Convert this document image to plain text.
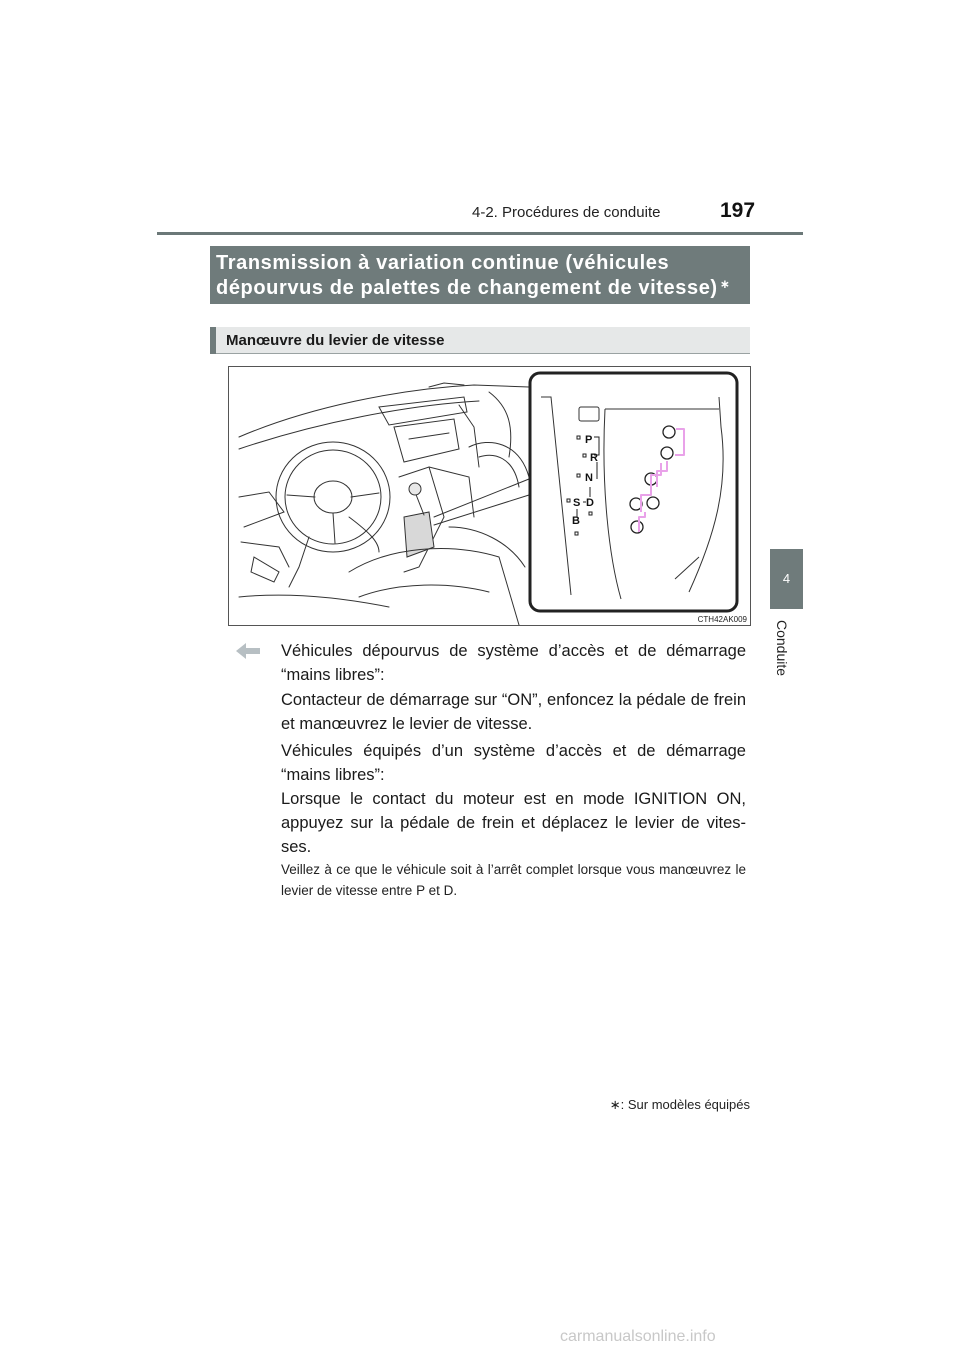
4-2. Procédures de conduite	197
4
Conduite
Transmission à variation continue (véhicules
dépourvus de palettes de changement de vitesse) ∗
Manœuvre du levier de vitesse
P
R
N
S D
B
CTH42AK009
Véhicules dépourvus de système d’accès et de démarrage “mains libres”:
Contacteur de démarrage sur “ON”, enfoncez la pédale de frein et manœuvrez le levier de vitesse.
Véhicules équipés d’un système d’accès et de démarrage “mains libres”:
Lorsque le contact du moteur est en mode IGNITION ON, appuyez sur la pédale de frein et déplacez le levier de vites-ses.
Veillez à ce que le véhicule soit à l’arrêt complet lorsque vous manœuvrez le levier de vitesse entre P et D.
∗: Sur modèles équipés
carmanualsonline.info
